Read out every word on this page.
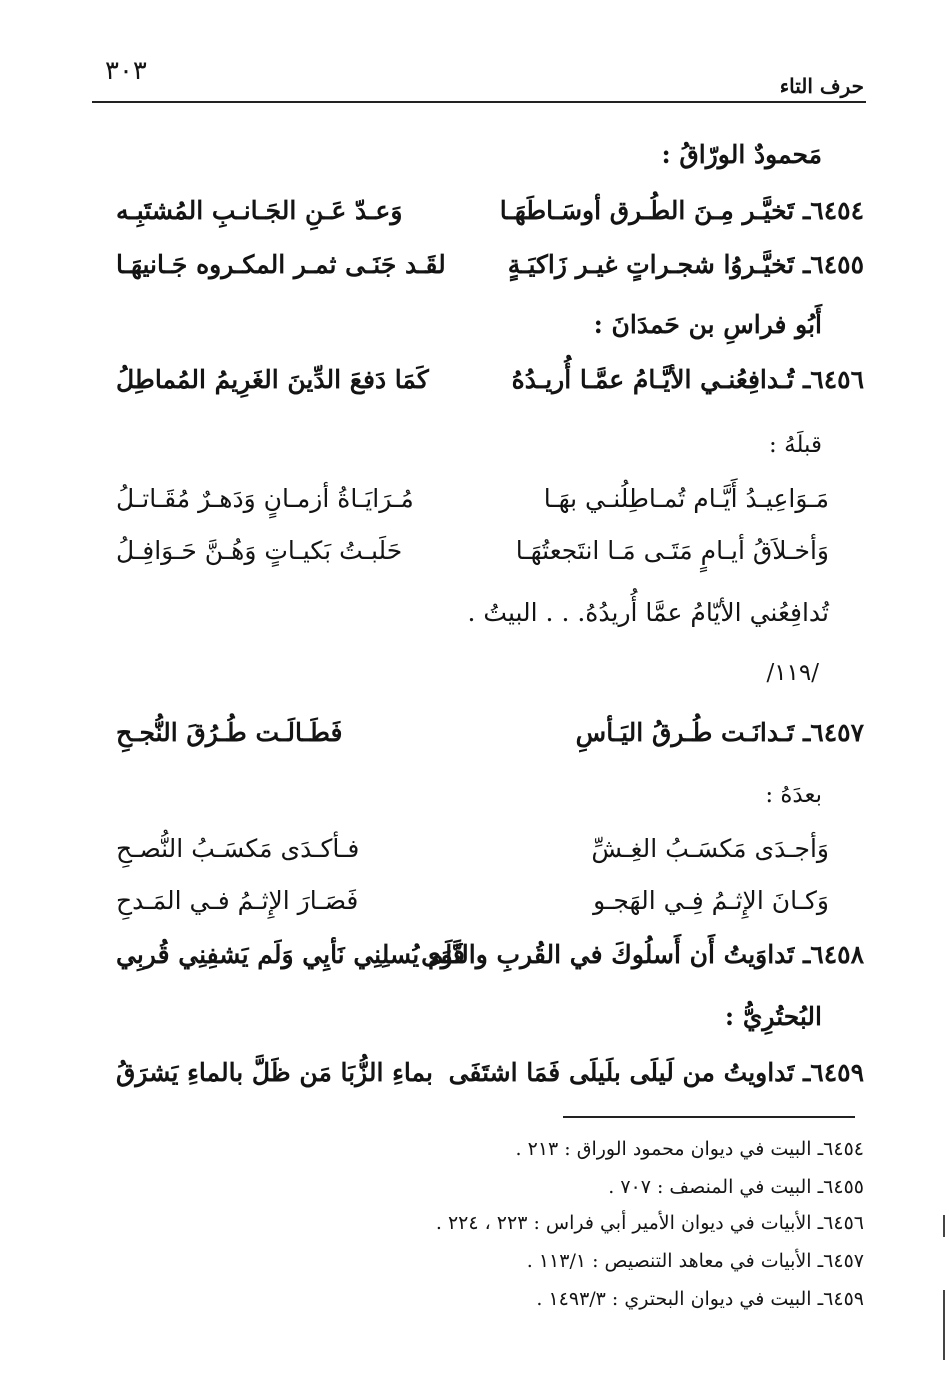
٣٠٣	حرف التاء
مَحمودٌ الورّاقُ :
٦٤٥٤ـ تَخيَّـر مِـنَ الطُـرق أوسَـاطَهَـا
وَعـدّ عَـنِ الجَـانـبِ المُشتَبِـه
٦٤٥٥ـ تَخيَّـروُا شجـراتٍ غيـر زَاكيَـةٍ
لقَـد جَنَـى ثمـر المكـروه جَـانيهَـا
أَبُو فراسِ بن حَمدَانَ :
٦٤٥٦ـ تُـدافِعُنـي الأيَّـامُ عمَّـا أُريـدُهُ
كَمَا دَفعَ الدِّينَ الغَرِيمُ المُماطِلُ
قبلَهُ :
مَـوَاعِيـدُ أَيَّـام تُمـاطِلُنـي بهَـا
مُـرَايَـاةُ أزمـانٍ وَدَهـرٌ مُقَـاتـلُ
وَأخـلاَقُ أيـامٍ مَتَـى مَـا انتَجعتُهَـا
حَلَبـتُ بَكيـاتٍ وَهُـنَّ حَـوَافِـلُ
تُدافِعُني الأيّامُ عمَّا أُريدُهُ. . . البيتُ .
/١١٩/
٦٤٥٧ـ تَـدانَـت طُـرقُ اليَـأسِ
فَطَـالَـت طُـرُقَ النُّجـحِ
بعدَهُ :
وَأجـدَى مَكسَـبُ الغِـشِّ
فـأكـدَى مَكسَـبُ النُّصـحِ
وَكـانَ الإِثـمُ فِـي الهَجـو
فَصَـارَ الإِثـمُ فـي المَـدحِ
٦٤٥٨ـ تَداوَيتُ أَن أَسلُوكَ في القُربِ والنَّوَى
فَلَم يُسلِنِي نَأيِي وَلَم يَشفِنِي قُربِي
البُحتُرِيُّ :
٦٤٥٩ـ تَداويتُ من لَيلَى بلَيلَى فَمَا اشتَفَى
بماءِ الزُّبَا مَن ظَلَّ بالماءِ يَشرَقُ
٦٤٥٤ـ البيت في ديوان محمود الوراق : ٢١٣ .
٦٤٥٥ـ البيت في المنصف : ٧٠٧ .
٦٤٥٦ـ الأبيات في ديوان الأمير أبي فراس : ٢٢٣ ، ٢٢٤ .
٦٤٥٧ـ الأبيات في معاهد التنصيص : ١١٣/١ .
٦٤٥٩ـ البيت في ديوان البحتري : ١٤٩٣/٣ .
